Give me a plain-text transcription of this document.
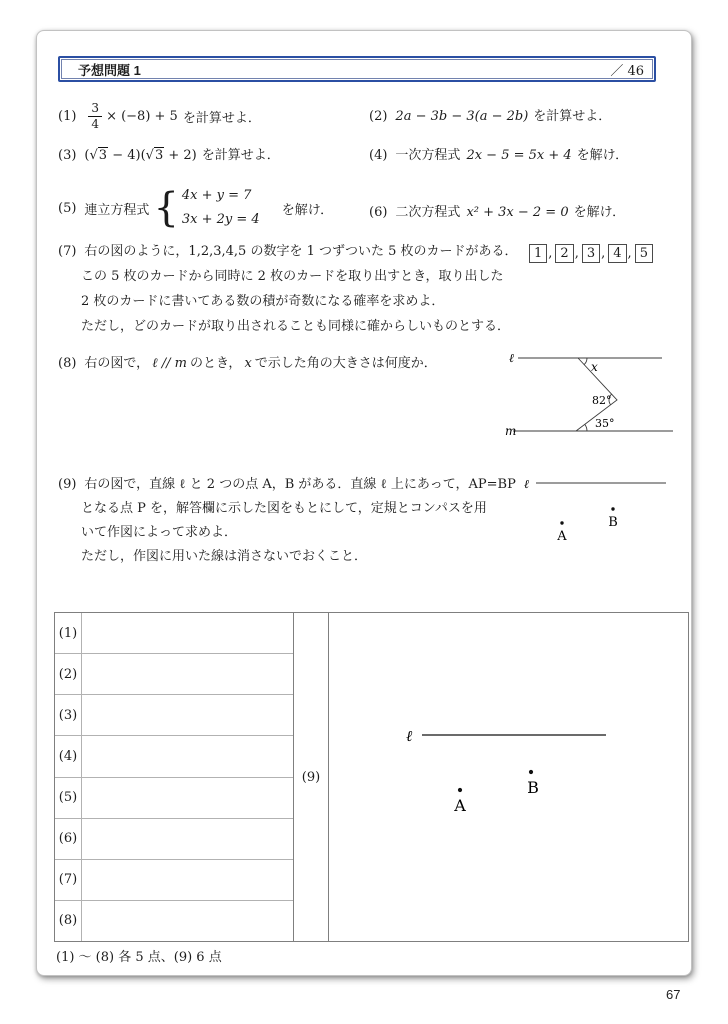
予想問題 1	／ 46
$(1) \frac{3}{4} \times (-8) + 5$ を計算せよ．	(2) 2a − 3b − 3(a − 2b) を計算せよ．
(3) (√3 − 4)(√3 + 2) を計算せよ．	(4) 一次方程式 2x − 5 = 5x + 4 を解け．
(5) 連立方程式 { 4x + y = 7
3x + 2y = 4
を解け．	(6) 二次方程式 x² + 3x − 2 = 0 を解け．
(7) 右の図のように，1,2,3,4,5 の数字を 1 つずついた 5 枚のカードがある．
この 5 枚のカードから同時に 2 枚のカードを取り出すとき，取り出した
2 枚のカードに書いてある数の積が奇数になる確率を求めよ．
ただし，どのカードが取り出されることも同様に確からしいものとする．
1 , 2 , 3 , 4 , 5
(8) 右の図で， ℓ // m のとき， x で示した角の大きさは何度か．	ℓ
m
x
82°
35°
(9) 右の図で，直線 ℓ と 2 つの点 A，B がある．直線 ℓ 上にあって，AP=BP
となる点 P を，解答欄に示した図をもとにして，定規とコンパスを用
いて作図によって求めよ．
ただし，作図に用いた線は消さないでおくこと．
ℓ
B
A
(1)
(2)
(3)
(4)
(5)
(6)
(7)
(8)
(9)
ℓ
B
A
(1) ～ (8) 各 5 点、(9) 6 点
67
